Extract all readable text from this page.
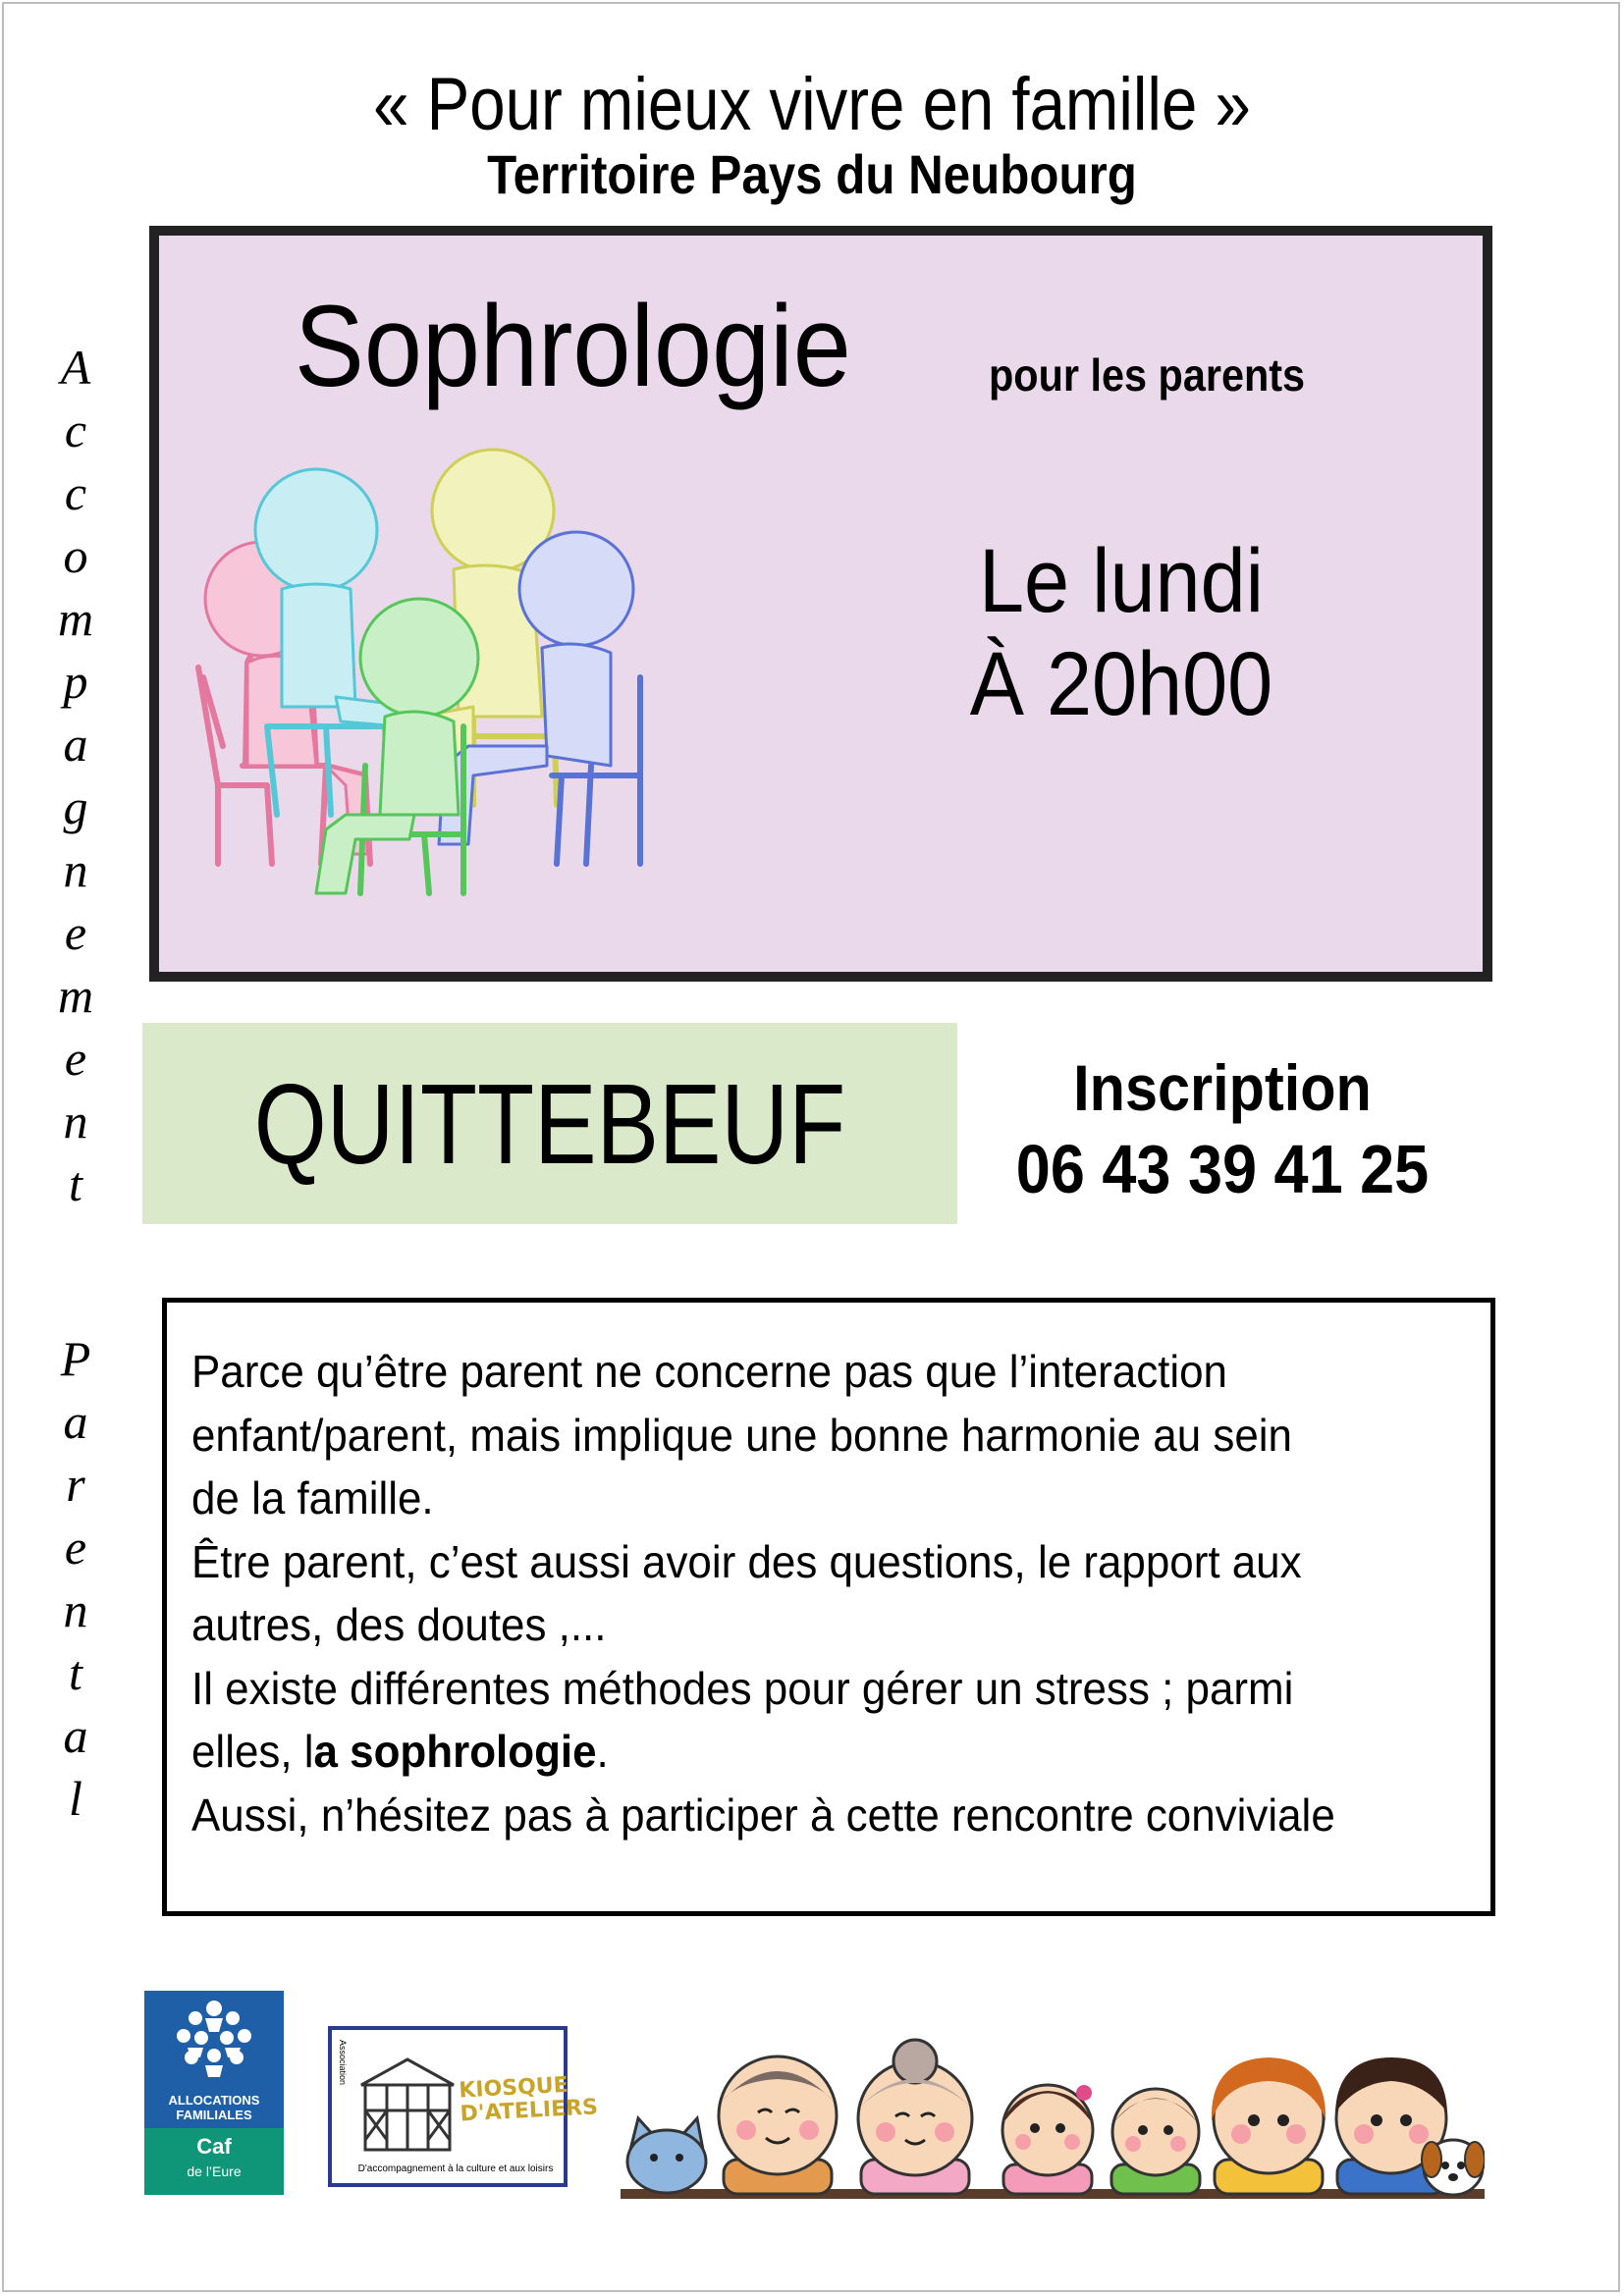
« Pour mieux vivre en famille »
Territoire Pays du Neubourg
A
c
c
o
m
p
a
g
n
e
m
e
n
t
P
a
r
e
n
t
a
l
Sophrologie	pour les parents
Le lundi
À 20h00
QUITTEBEUF	Inscription
06 43 39 41 25

Parce qu’être parent ne concerne pas que l’interaction
enfant/parent, mais implique une bonne harmonie au sein
de la famille.
Être parent, c’est aussi avoir des questions, le rapport aux
autres, des doutes ,...
Il existe différentes méthodes pour gérer un stress ; parmi
elles, la sophrologie.
Aussi, n’hésitez pas à participer à cette rencontre conviviale

ALLOCATIONS FAMILIALES
Caf
de l’Eure
Association
KIOSQUE D'ATELIERS
D'accompagnement à la culture et aux loisirs
